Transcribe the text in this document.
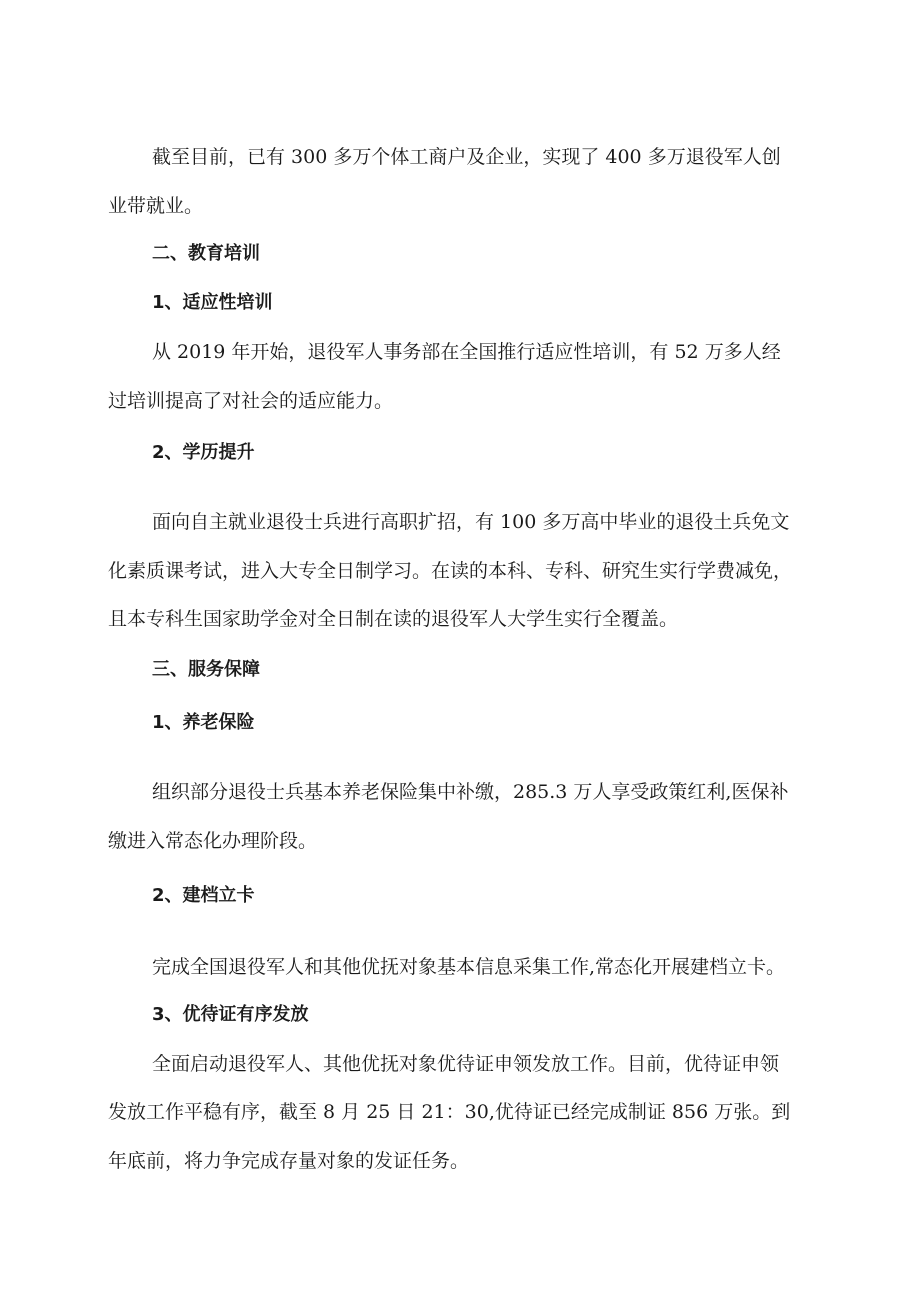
截至目前，已有 300 多万个体工商户及企业，实现了 400 多万退役军人创

业带就业。

二、教育培训

1、适应性培训

从 2019 年开始，退役军人事务部在全国推行适应性培训，有 52 万多人经

过培训提高了对社会的适应能力。

2、学历提升

面向自主就业退役士兵进行高职扩招，有 100 多万高中毕业的退役土兵免文

化素质课考试，进入大专全日制学习。在读的本科、专科、研究生实行学费减免，

且本专科生国家助学金对全日制在读的退役军人大学生实行全覆盖。

三、服务保障

1、养老保险

组织部分退役士兵基本养老保险集中补缴，285.3 万人享受政策红利,医保补

缴进入常态化办理阶段。

2、建档立卡

完成全国退役军人和其他优抚对象基本信息采集工作,常态化开展建档立卡。

3、优待证有序发放

全面启动退役军人、其他优抚对象优待证申领发放工作。目前，优待证申领

发放工作平稳有序，截至 8 月 25 日 21：30,优待证已经完成制证 856 万张。到

年底前，将力争完成存量对象的发证任务。
